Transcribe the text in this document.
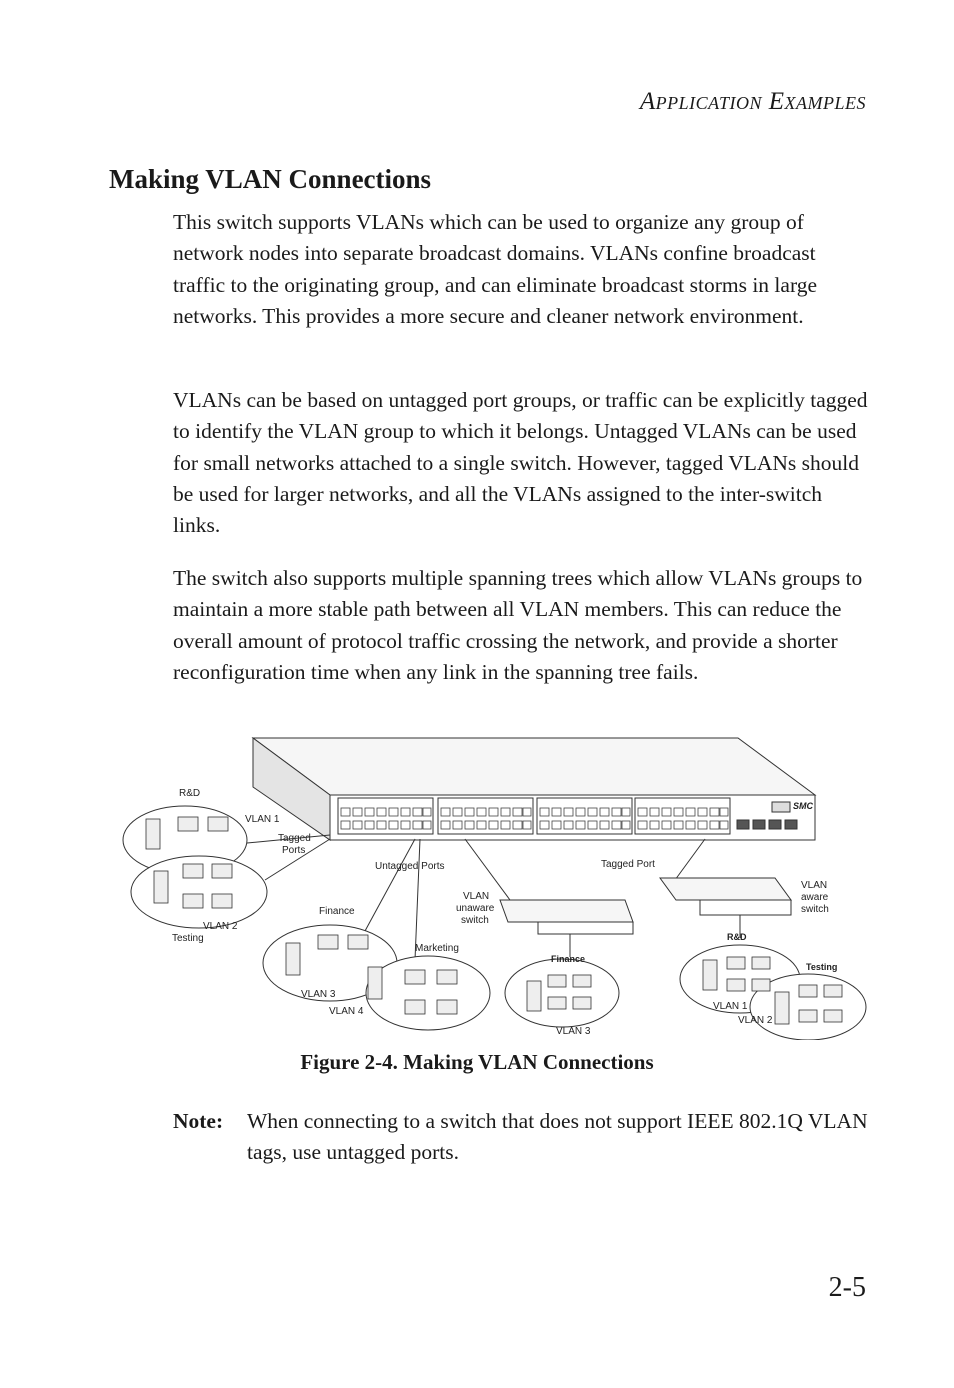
APPLICATION EXAMPLES
Making VLAN Connections

This switch supports VLANs which can be used to organize any group of network nodes into separate broadcast domains. VLANs confine broadcast traffic to the originating group, and can eliminate broadcast storms in large networks. This provides a more secure and cleaner network environment.

VLANs can be based on untagged port groups, or traffic can be explicitly tagged to identify the VLAN group to which it belongs. Untagged VLANs can be used for small networks attached to a single switch. However, tagged VLANs should be used for larger networks, and all the VLANs assigned to the inter-switch links.

The switch also supports multiple spanning trees which allow VLANs groups to maintain a more stable path between all VLAN members. This can reduce the overall amount of protocol traffic crossing the network, and provide a shorter reconfiguration time when any link in the spanning tree fails.

SMC
R&D
VLAN 1
Tagged
Ports
VLAN 2
Testing
Untagged Ports	Tagged Port
VLAN
unaware
switch
VLAN
aware
switch
Finance
Marketing
VLAN 3
VLAN 4
Finance
VLAN 3
R&D
Testing
VLAN 1
VLAN 2

Figure 2-4. Making VLAN Connections

Note: When connecting to a switch that does not support IEEE 802.1Q VLAN tags, use untagged ports.
2-5
